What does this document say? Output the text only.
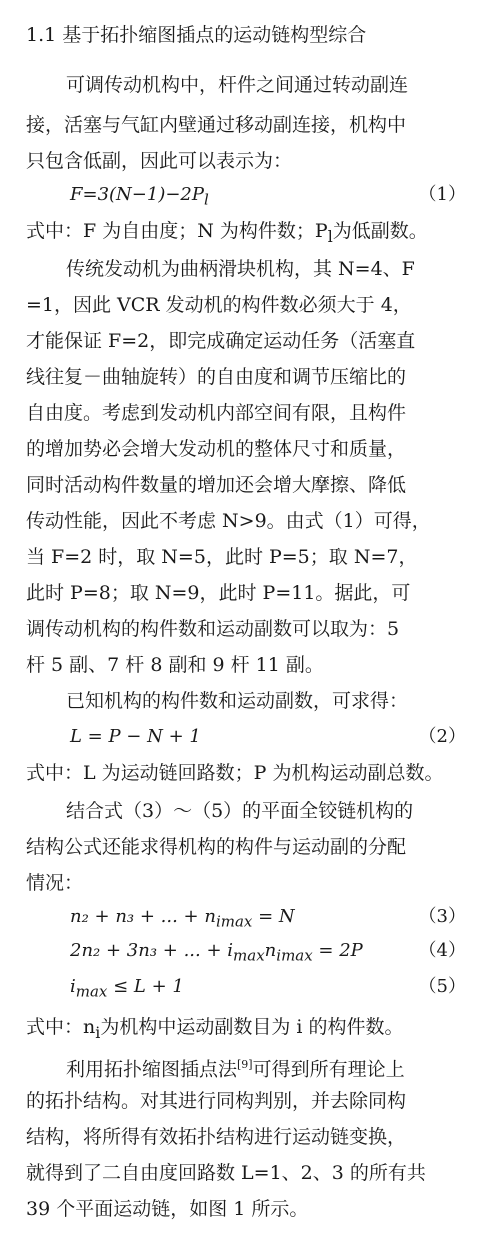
1.1 基于拓扑缩图插点的运动链构型综合
可调传动机构中，杆件之间通过转动副连
接，活塞与气缸内壁通过移动副连接，机构中
只包含低副，因此可以表示为：
$F=3(N-1)-2P_l$	（1）
式中：F 为自由度；N 为构件数；$P_l$为低副数。
传统发动机为曲柄滑块机构，其 N=4、F
=1，因此 VCR 发动机的构件数必须大于 4，
才能保证 F=2，即完成确定运动任务（活塞直
线往复－曲轴旋转）的自由度和调节压缩比的
自由度。考虑到发动机内部空间有限，且构件
的增加势必会增大发动机的整体尺寸和质量，
同时活动构件数量的增加还会增大摩擦、降低
传动性能，因此不考虑 N>9。由式（1）可得，
当 F=2 时，取 N=5，此时 P=5；取 N=7，
此时 P=8；取 N=9，此时 P=11。据此，可
调传动机构的构件数和运动副数可以取为：5
杆 5 副、7 杆 8 副和 9 杆 11 副。
已知机构的构件数和运动副数，可求得：
L = P − N + 1	（2）
式中：L 为运动链回路数；P 为机构运动副总数。
结合式（3）～（5）的平面全铰链机构的
结构公式还能求得机构的构件与运动副的分配
情况：
n₂ + n₃ + ... + $n_{imax} = N$	（3）
2n₂ + 3n₃ + ... + $i_{max}n_{imax} = 2P$	（4）
$i_{max} \le L + 1$	（5）
式中：$n_i$为机构中运动副数目为 i 的构件数。
利用拓扑缩图插点法[9]可得到所有理论上
的拓扑结构。对其进行同构判别，并去除同构
结构，将所得有效拓扑结构进行运动链变换，
就得到了二自由度回路数 L=1、2、3 的所有共
39 个平面运动链，如图 1 所示。
